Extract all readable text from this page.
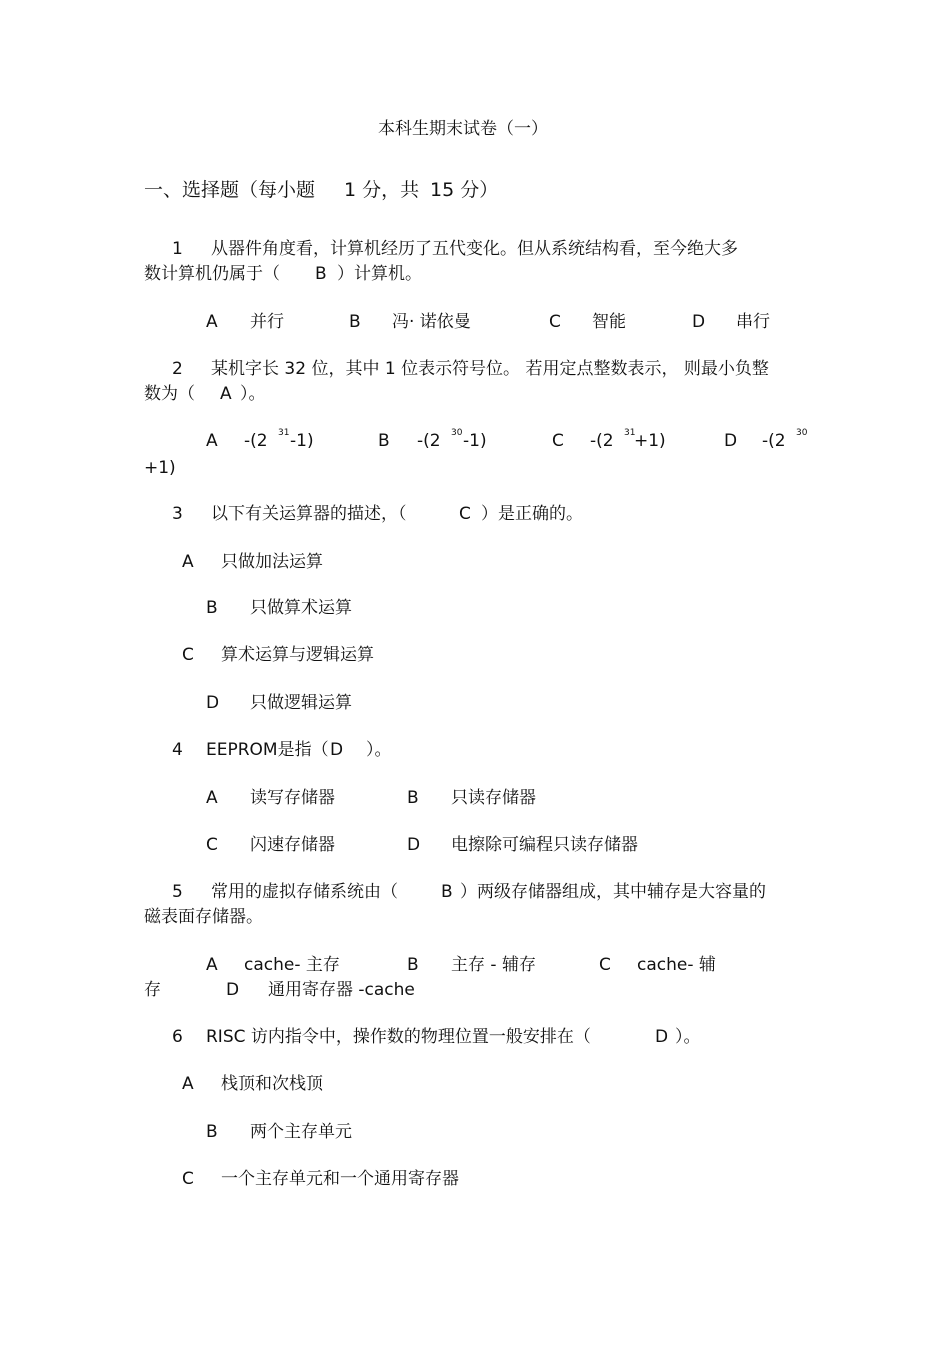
本科生期末试卷（一）
一、选择题（每小题 1 分，共 15 分）
1 从器件角度看，计算机经历了五代变化。但从系统结构看，至今绝大多
数计算机仍属于（ B ）计算机。
A 并行	B 冯· 诺依曼	C 智能	D 串行
2 某机字长 32 位，其中 1 位表示符号位。 若用定点整数表示， 则最小负整
数为（ A ）。
A -(2 31 -1)	B -(2 30 -1)	C -(2 31
+1)	D -(2 30
+1)
3 以下有关运算器的描述，（	C ）是正确的。
A 只做加法运算
B 只做算术运算
C 算术运算与逻辑运算
D 只做逻辑运算
4 EEPROM是指（ D ）。
A 读写存储器	B 只读存储器
C 闪速存储器	D 电擦除可编程只读存储器
5 常用的虚拟存储系统由（	B ）两级存储器组成，其中辅存是大容量的
磁表面存储器。
A cache- 主存	B 主存 - 辅存	C cache- 辅
存	D 通用寄存器 -cache
6 RISC 访内指令中，操作数的物理位置一般安排在（	D ）。
A 栈顶和次栈顶
B 两个主存单元
C 一个主存单元和一个通用寄存器
